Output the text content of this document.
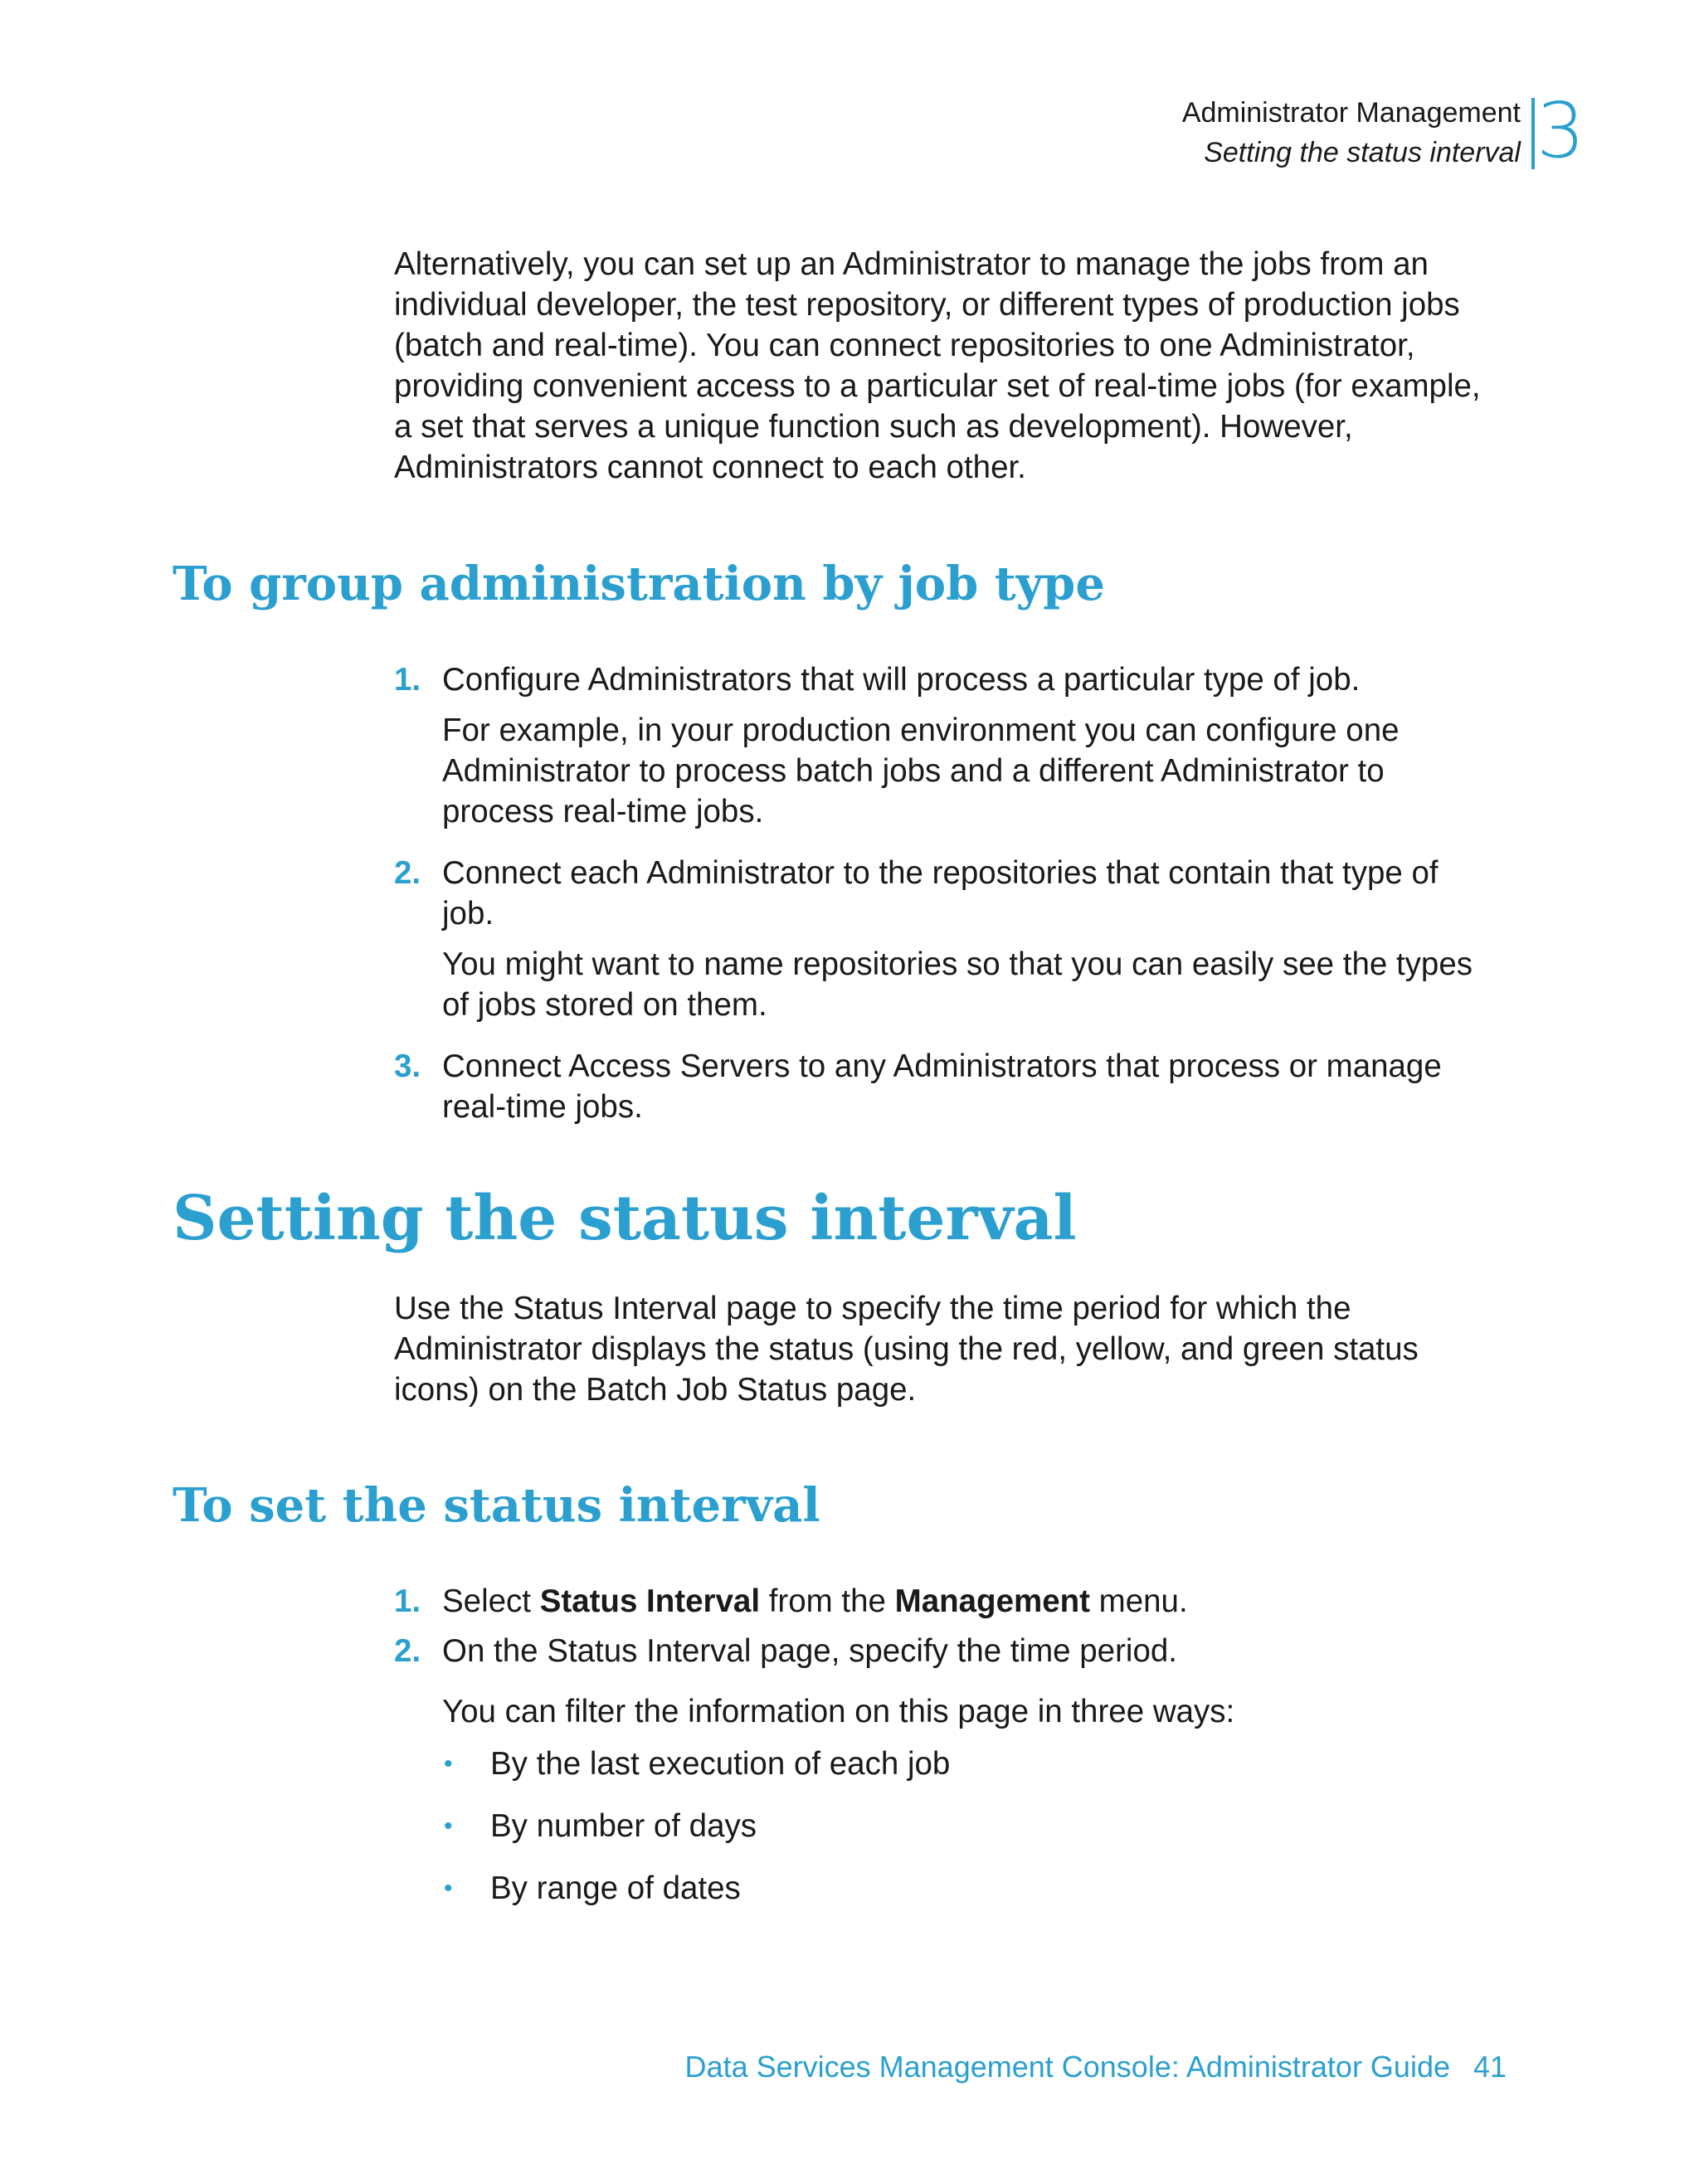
Administrator Management
Setting the status interval 3
Alternatively, you can set up an Administrator to manage the jobs from an
individual developer, the test repository, or different types of production jobs
(batch and real-time). You can connect repositories to one Administrator,
providing convenient access to a particular set of real-time jobs (for example,
a set that serves a unique function such as development). However,
Administrators cannot connect to each other.
To group administration by job type
1. Configure Administrators that will process a particular type of job.
For example, in your production environment you can configure one
Administrator to process batch jobs and a different Administrator to
process real-time jobs.
2. Connect each Administrator to the repositories that contain that type of
job.
You might want to name repositories so that you can easily see the types
of jobs stored on them.
3. Connect Access Servers to any Administrators that process or manage
real-time jobs.
Setting the status interval
Use the Status Interval page to specify the time period for which the
Administrator displays the status (using the red, yellow, and green status
icons) on the Batch Job Status page.
To set the status interval
1. Select Status Interval from the Management menu.
2. On the Status Interval page, specify the time period.
You can filter the information on this page in three ways:
• By the last execution of each job
• By number of days
• By range of dates
Data Services Management Console: Administrator Guide 41
